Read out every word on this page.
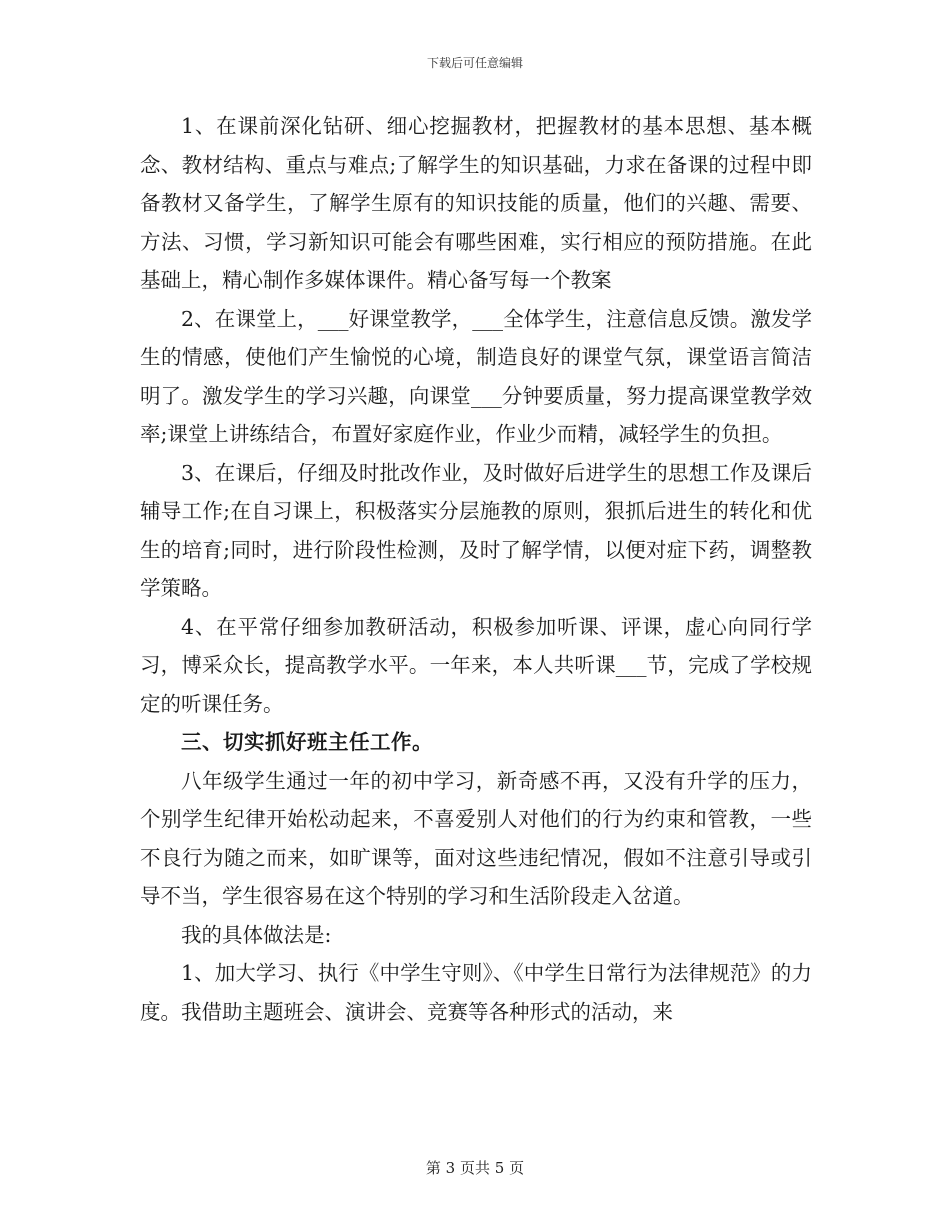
下载后可任意编辑

1、在课前深化钻研、细心挖掘教材，把握教材的基本思想、基本概念、教材结构、重点与难点;了解学生的知识基础，力求在备课的过程中即备教材又备学生，了解学生原有的知识技能的质量，他们的兴趣、需要、方法、习惯，学习新知识可能会有哪些困难，实行相应的预防措施。在此基础上，精心制作多媒体课件。精心备写每一个教案

2、在课堂上，___好课堂教学，___全体学生，注意信息反馈。激发学生的情感，使他们产生愉悦的心境，制造良好的课堂气氛，课堂语言简洁明了。激发学生的学习兴趣，向课堂___分钟要质量，努力提高课堂教学效率;课堂上讲练结合，布置好家庭作业，作业少而精，减轻学生的负担。

3、在课后，仔细及时批改作业，及时做好后进学生的思想工作及课后辅导工作;在自习课上，积极落实分层施教的原则，狠抓后进生的转化和优生的培育;同时，进行阶段性检测，及时了解学情，以便对症下药，调整教学策略。

4、在平常仔细参加教研活动，积极参加听课、评课，虚心向同行学习，博采众长，提高教学水平。一年来，本人共听课___节，完成了学校规定的听课任务。

三、切实抓好班主任工作。

八年级学生通过一年的初中学习，新奇感不再，又没有升学的压力，个别学生纪律开始松动起来，不喜爱别人对他们的行为约束和管教，一些不良行为随之而来，如旷课等，面对这些违纪情况，假如不注意引导或引导不当，学生很容易在这个特别的学习和生活阶段走入岔道。

我的具体做法是:

1、加大学习、执行《中学生守则》、《中学生日常行为法律规范》的力度。我借助主题班会、演讲会、竞赛等各种形式的活动，来

第 3 页共 5 页
